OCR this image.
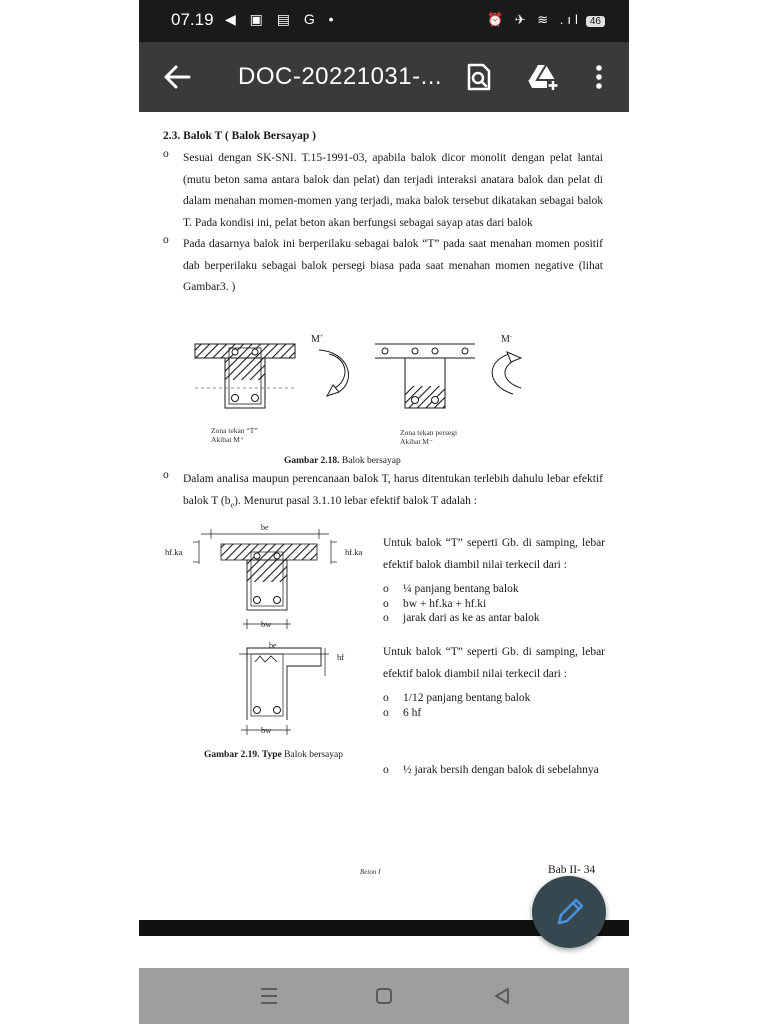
07.19 ◀ ▣ ▤ G •	⏰ ✈ ≋ .ıl 46
DOC-20221031-...
2.3. Balok T ( Balok Bersayap )
o	Sesuai dengan SK-SNI. T.15-1991-03, apabila balok dicor monolit dengan pelat lantai (mutu beton sama antara balok dan pelat) dan terjadi interaksi anatara balok dan pelat di dalam menahan momen-momen yang terjadi, maka balok tersebut dikatakan sebagai balok T. Pada kondisi ini, pelat beton akan berfungsi sebagai sayap atas dari balok
o	Pada dasarnya balok ini berperilaku sebagai balok “T” pada saat menahan momen positif dab berperilaku sebagai balok persegi biasa pada saat menahan momen negative (lihat Gambar3. )
M+	M-
Zona tekan “T”
Akibat M⁺
Zona tekan persegi
Akibat M⁻
Gambar 2.18. Balok bersayap
o	Dalam analisa maupun perencanaan balok T, harus ditentukan terlebih dahulu lebar efektif balok T $(b_e)$. Menurut pasal 3.1.10 lebar efektif balok T adalah :
be
hf.ka	hf.ka
bw
be
hf
bw
Gambar 2.19. Type Balok bersayap
Untuk balok “T” seperti Gb. di samping, lebar efektif balok diambil nilai terkecil dari :
o	¼ panjang bentang balok
o	bw + hf.ka + hf.ki
o	jarak dari as ke as antar balok
Untuk balok “T” seperti Gb. di samping, lebar efektif balok diambil nilai terkecil dari :
o	1/12 panjang bentang balok
o	6 hf
o	½ jarak bersih dengan balok di sebelahnya
Beton I	Bab II- 34
